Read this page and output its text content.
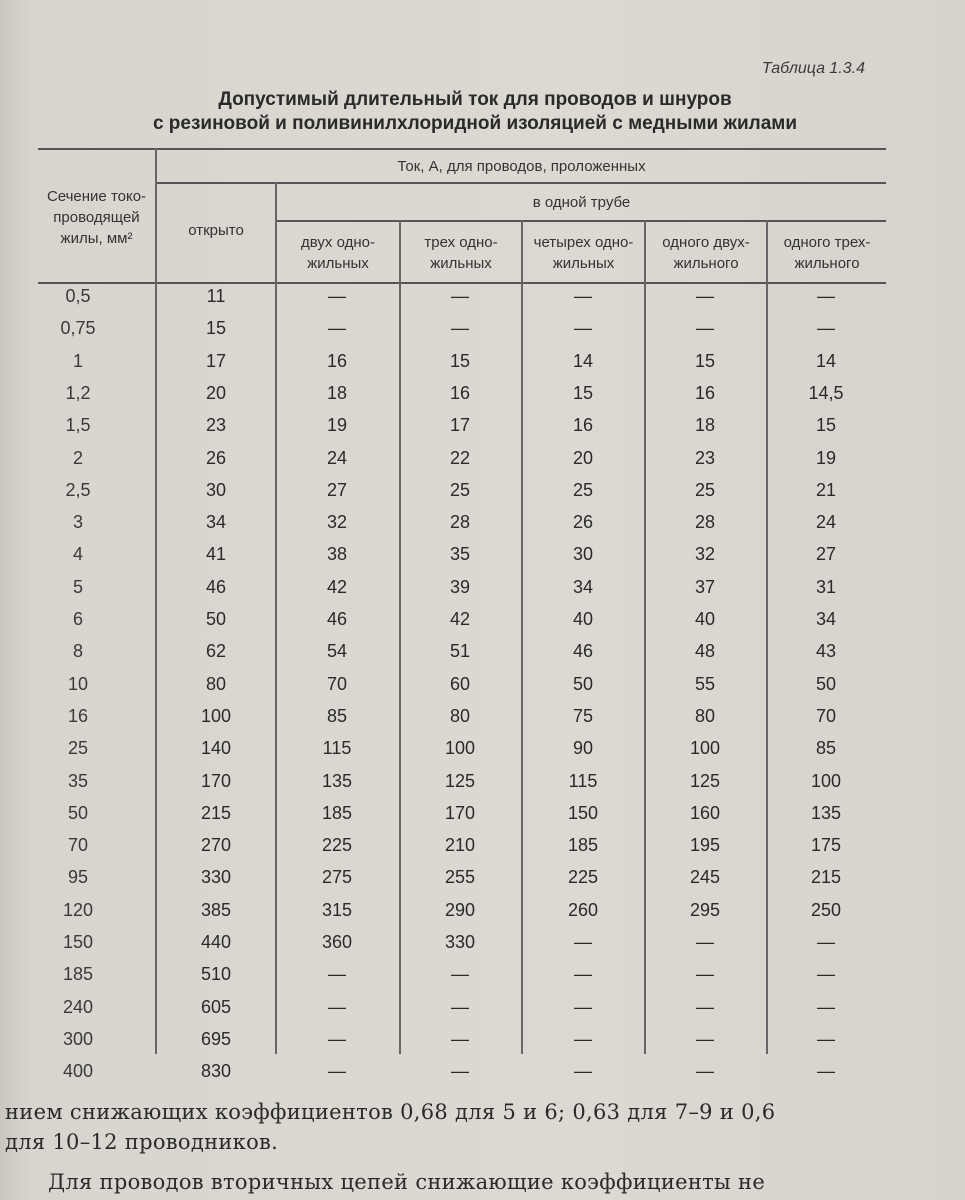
Таблица 1.3.4
Допустимый длительный ток для проводов и шнуров
с резиновой и поливинилхлоридной изоляцией с медными жилами
Сечение токо-
проводящей
жилы, мм²
Ток, А, для проводов, проложенных
открыто
в одной трубе
двух одно-
жильных
трех одно-
жильных
четырех одно-
жильных
одного двух-
жильного
одного трех-
жильного
0,5	11	—	—	—	—	—
0,75	15	—	—	—	—	—
1	17	16	15	14	15	14
1,2	20	18	16	15	16	14,5
1,5	23	19	17	16	18	15
2	26	24	22	20	23	19
2,5	30	27	25	25	25	21
3	34	32	28	26	28	24
4	41	38	35	30	32	27
5	46	42	39	34	37	31
6	50	46	42	40	40	34
8	62	54	51	46	48	43
10	80	70	60	50	55	50
16	100	85	80	75	80	70
25	140	115	100	90	100	85
35	170	135	125	115	125	100
50	215	185	170	150	160	135
70	270	225	210	185	195	175
95	330	275	255	225	245	215
120	385	315	290	260	295	250
150	440	360	330	—	—	—
185	510	—	—	—	—	—
240	605	—	—	—	—	—
300	695	—	—	—	—	—
400	830	—	—	—	—	—
нием снижающих коэффициентов 0,68 для 5 и 6; 0,63 для 7–9 и 0,6
для 10–12 проводников.
Для проводов вторичных цепей снижающие коэффициенты не
